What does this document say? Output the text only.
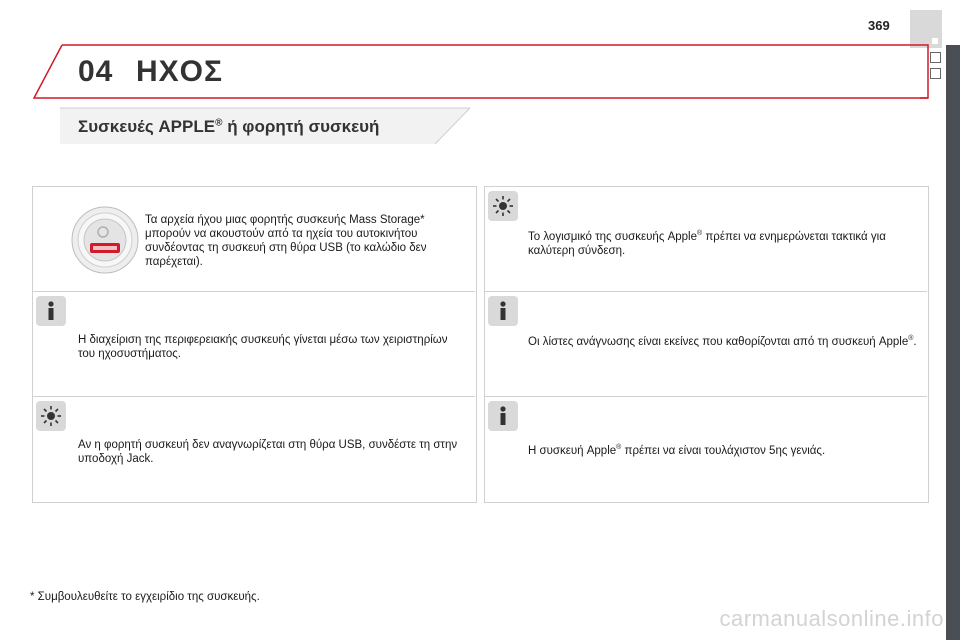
369
04 ΗΧΟΣ
Συσκευές APPLE® ή φορητή συσκευή
Τα αρχεία ήχου μιας φορητής συσκευής Mass Storage* μπορούν να ακουστούν από τα ηχεία του αυτοκινήτου συνδέοντας τη συσκευή στη θύρα USB (το καλώδιο δεν παρέχεται).
Η διαχείριση της περιφερειακής συσκευής γίνεται μέσω των χειριστηρίων του ηχοσυστήματος.
Αν η φορητή συσκευή δεν αναγνωρίζεται στη θύρα USB, συνδέστε τη στην υποδοχή Jack.
Το λογισμικό της συσκευής Apple® πρέπει να ενημερώνεται τακτικά για καλύτερη σύνδεση.
Οι λίστες ανάγνωσης είναι εκείνες που καθορίζονται από τη συσκευή Apple®.
Η συσκευή Apple® πρέπει να είναι τουλάχιστον 5ης γενιάς.
* Συμβουλευθείτε το εγχειρίδιο της συσκευής.
carmanualsonline.info
